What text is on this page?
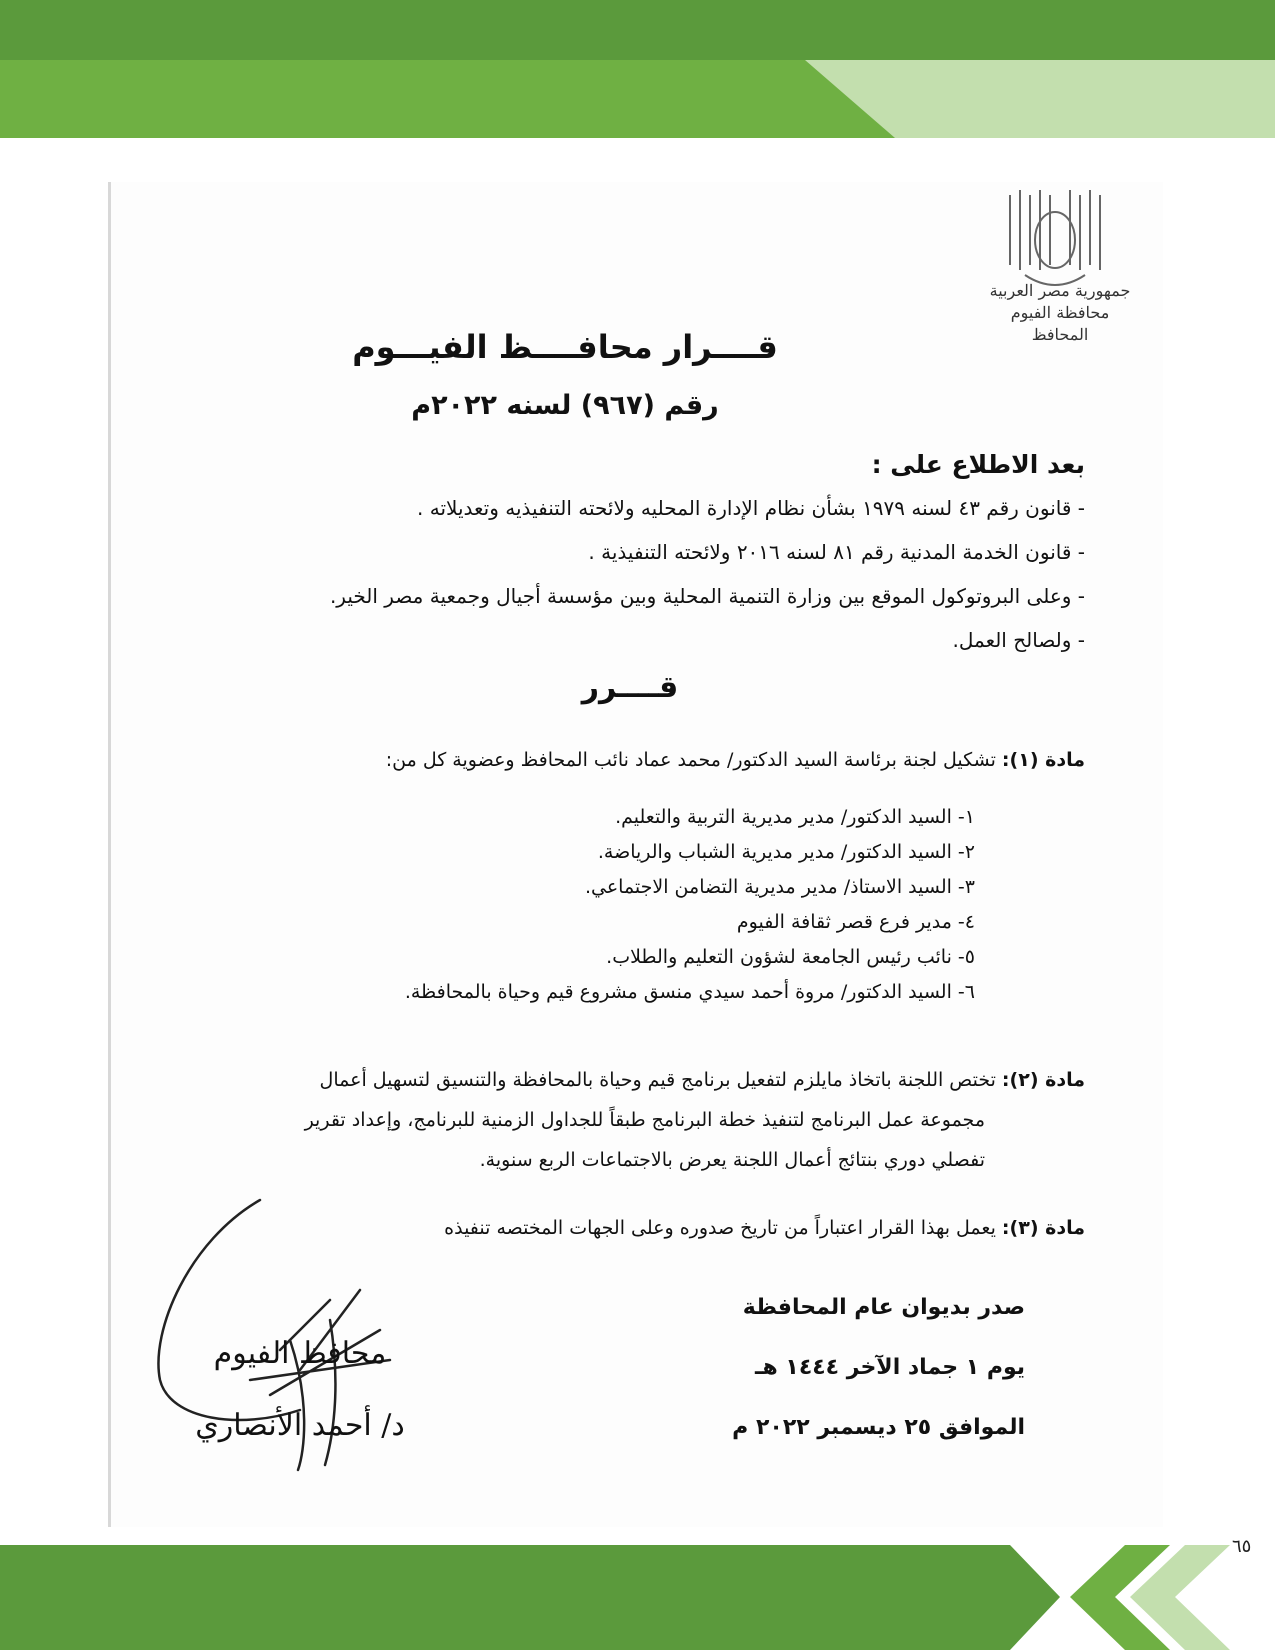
جمهورية مصر العربية
محافظة الفيوم
المحافظ
قــــرار محافــــظ الفيـــوم
رقم (٩٦٧) لسنه ٢٠٢٢م
بعد الاطلاع على :
- قانون رقم ٤٣ لسنه ١٩٧٩ بشأن نظام الإدارة المحليه ولائحته التنفيذيه وتعديلاته .
- قانون الخدمة المدنية رقم ٨١ لسنه ٢٠١٦ ولائحته التنفيذية .
- وعلى البروتوكول الموقع بين وزارة التنمية المحلية وبين مؤسسة أجيال وجمعية مصر الخير.
- ولصالح العمل.
قــــرر
مادة (١): تشكيل لجنة برئاسة السيد الدكتور/ محمد عماد نائب المحافظ وعضوية كل من:
١- السيد الدكتور/ مدير مديرية التربية والتعليم.
٢- السيد الدكتور/ مدير مديرية الشباب والرياضة.
٣- السيد الاستاذ/ مدير مديرية التضامن الاجتماعي.
٤- مدير فرع قصر ثقافة الفيوم
٥- نائب رئيس الجامعة لشؤون التعليم والطلاب.
٦- السيد الدكتور/ مروة أحمد سيدي منسق مشروع قيم وحياة بالمحافظة.
مادة (٢): تختص اللجنة باتخاذ مايلزم لتفعيل برنامج قيم وحياة بالمحافظة والتنسيق لتسهيل أعمال
مجموعة عمل البرنامج لتنفيذ خطة البرنامج طبقاً للجداول الزمنية للبرنامج، وإعداد تقرير
تفصلي دوري بنتائج أعمال اللجنة يعرض بالاجتماعات الربع سنوية.
مادة (٣): يعمل بهذا القرار اعتباراً من تاريخ صدوره وعلى الجهات المختصه تنفيذه
صدر بديوان عام المحافظة
يوم ١ جماد الآخر ١٤٤٤ هـ
الموافق ٢٥ ديسمبر ٢٠٢٢ م
محافظ الفيوم
د/ أحمد الأنصاري
٦٥
